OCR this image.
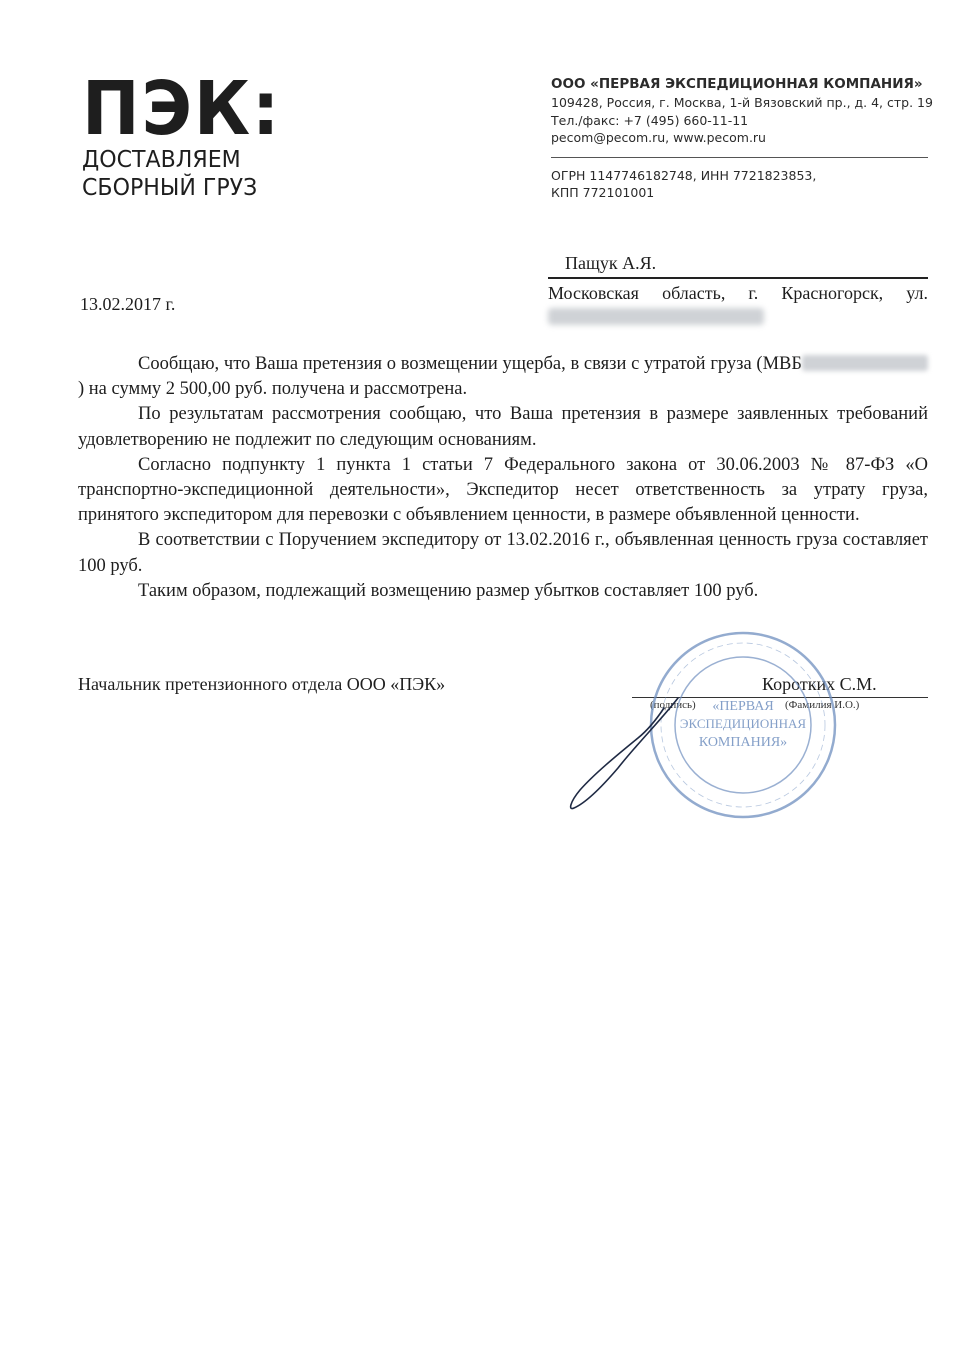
ПЭК:
ДОСТАВЛЯЕМ
СБОРНЫЙ ГРУЗ
ООО «ПЕРВАЯ ЭКСПЕДИЦИОННАЯ КОМПАНИЯ»
109428, Россия, г. Москва, 1-й Вязовский пр., д. 4, стр. 19
Тел./факс: +7 (495) 660-11-11
pecom@pecom.ru, www.pecom.ru
ОГРН 1147746182748, ИНН 7721823853,
КПП 772101001
Пащук А.Я.
Московская область, г. Красногорск, ул.
13.02.2017 г.

Сообщаю, что Ваша претензия о возмещении ущерба, в связи с утратой груза (МВБ) на сумму 2 500,00 руб. получена и рассмотрена.

По результатам рассмотрения сообщаю, что Ваша претензия в размере заявленных требований удовлетворению не подлежит по следующим основаниям.

Согласно подпункту 1 пункта 1 статьи 7 Федерального закона от 30.06.2003 № 87-ФЗ «О транспортно-экспедиционной деятельности», Экспедитор несет ответственность за утрату груза, принятого экспедитором для перевозки с объявлением ценности, в размере объявленной ценности.

В соответствии с Поручением экспедитору от 13.02.2016 г., объявленная ценность груза составляет 100 руб.

Таким образом, подлежащий возмещению размер убытков составляет 100 руб.

Начальник претензионного отдела ООО «ПЭК»	Коротких С.М.
(подпись)	(Фамилия И.О.)
«ПЕРВАЯ
ЭКСПЕДИЦИОННАЯ
КОМПАНИЯ»
